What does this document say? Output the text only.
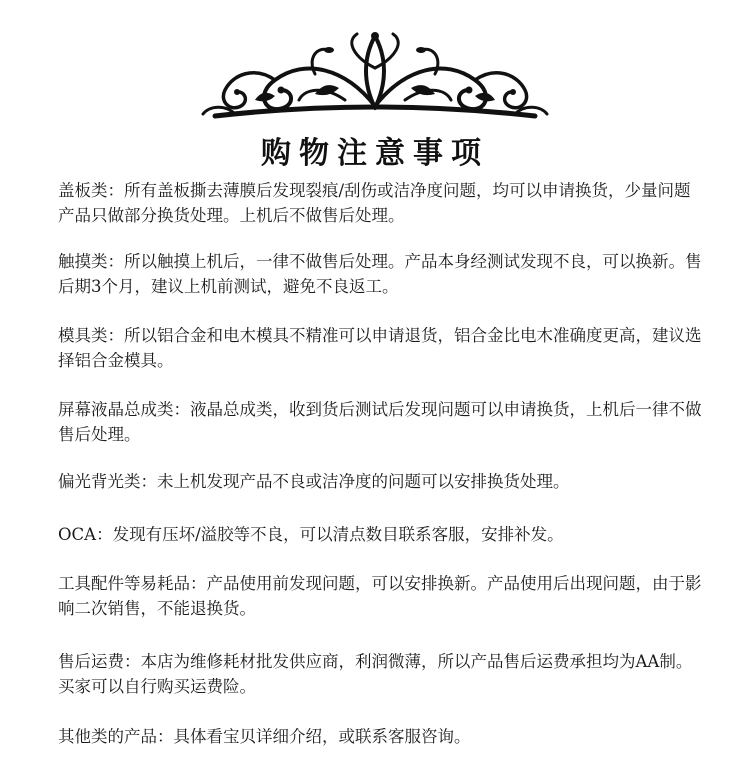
购物注意事项

盖板类：所有盖板撕去薄膜后发现裂痕/刮伤或洁净度问题，均可以申请换货，少量问题产品只做部分换货处理。上机后不做售后处理。

触摸类：所以触摸上机后，一律不做售后处理。产品本身经测试发现不良，可以换新。售后期3个月，建议上机前测试，避免不良返工。

模具类：所以铝合金和电木模具不精准可以申请退货，铝合金比电木准确度更高，建议选择铝合金模具。

屏幕液晶总成类：液晶总成类，收到货后测试后发现问题可以申请换货，上机后一律不做售后处理。

偏光背光类：未上机发现产品不良或洁净度的问题可以安排换货处理。

OCA：发现有压坏/溢胶等不良，可以清点数目联系客服，安排补发。

工具配件等易耗品：产品使用前发现问题，可以安排换新。产品使用后出现问题，由于影响二次销售，不能退换货。

售后运费：本店为维修耗材批发供应商，利润微薄，所以产品售后运费承担均为AA制。买家可以自行购买运费险。

其他类的产品：具体看宝贝详细介绍，或联系客服咨询。
